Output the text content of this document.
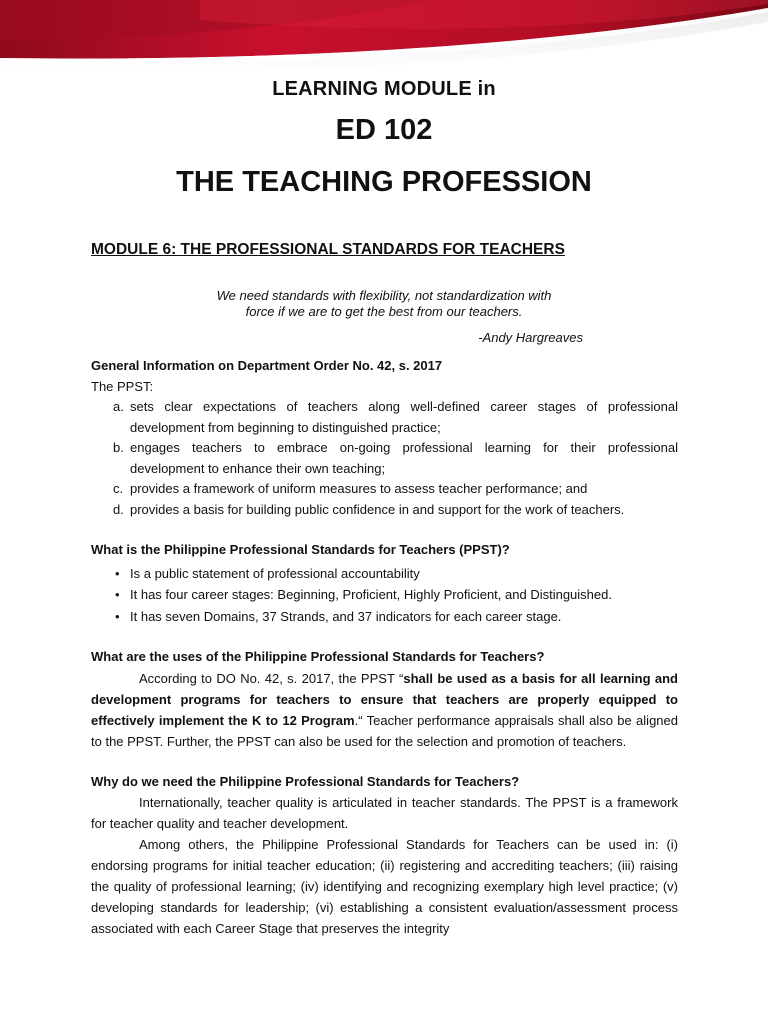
LEARNING MODULE in
ED 102
THE TEACHING PROFESSION
MODULE 6: THE PROFESSIONAL STANDARDS FOR TEACHERS
We need standards with flexibility, not standardization with
force if we are to get the best from our teachers.
-Andy Hargreaves

General Information on Department Order No. 42, s. 2017

The PPST:

a. sets clear expectations of teachers along well-defined career stages of professional development from beginning to distinguished practice;
b. engages teachers to embrace on-going professional learning for their professional development to enhance their own teaching;
c. provides a framework of uniform measures to assess teacher performance; and
d. provides a basis for building public confidence in and support for the work of teachers.

What is the Philippine Professional Standards for Teachers (PPST)?

• Is a public statement of professional accountability
• It has four career stages: Beginning, Proficient, Highly Proficient, and Distinguished.
• It has seven Domains, 37 Strands, and 37 indicators for each career stage.

What are the uses of the Philippine Professional Standards for Teachers?

According to DO No. 42, s. 2017, the PPST “shall be used as a basis for all learning and development programs for teachers to ensure that teachers are properly equipped to effectively implement the K to 12 Program.“ Teacher performance appraisals shall also be aligned to the PPST. Further, the PPST can also be used for the selection and promotion of teachers.

Why do we need the Philippine Professional Standards for Teachers?

Internationally, teacher quality is articulated in teacher standards. The PPST is a framework for teacher quality and teacher development.

Among others, the Philippine Professional Standards for Teachers can be used in: (i) endorsing programs for initial teacher education; (ii) registering and accrediting teachers; (iii) raising the quality of professional learning; (iv) identifying and recognizing exemplary high level practice; (v) developing standards for leadership; (vi) establishing a consistent evaluation/assessment process associated with each Career Stage that preserves the integrity
